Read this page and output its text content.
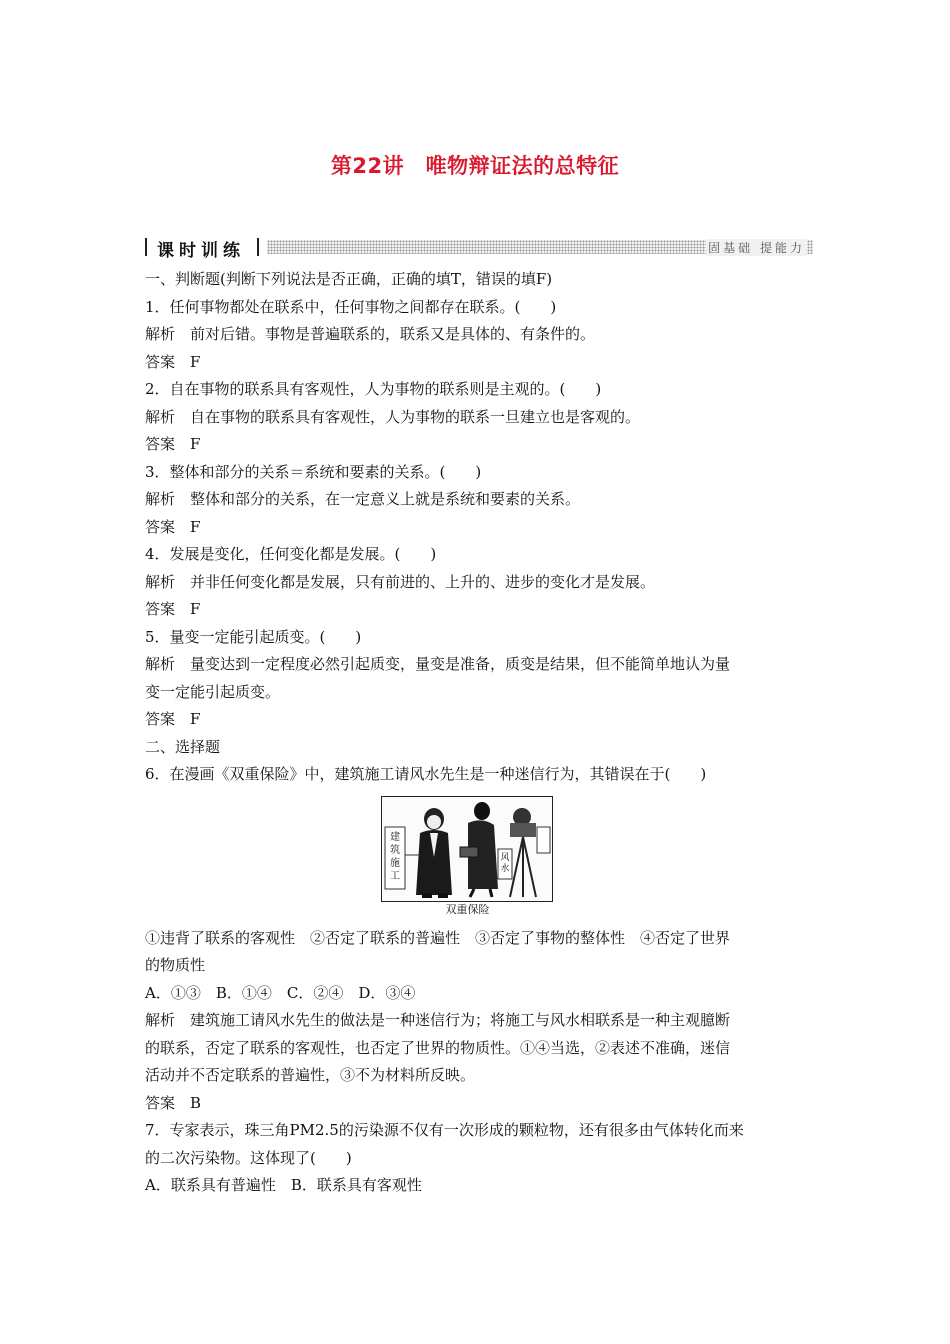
第22讲　唯物辩证法的总特征
课时训练	固基础 提能力

一、判断题(判断下列说法是否正确，正确的填T，错误的填F)

1．任何事物都处在联系中，任何事物之间都存在联系。(　　)

解析　前对后错。事物是普遍联系的，联系又是具体的、有条件的。

答案　F

2．自在事物的联系具有客观性，人为事物的联系则是主观的。(　　)

解析　自在事物的联系具有客观性，人为事物的联系一旦建立也是客观的。

答案　F

3．整体和部分的关系＝系统和要素的关系。(　　)

解析　整体和部分的关系，在一定意义上就是系统和要素的关系。

答案　F

4．发展是变化，任何变化都是发展。(　　)

解析　并非任何变化都是发展，只有前进的、上升的、进步的变化才是发展。

答案　F

5．量变一定能引起质变。(　　)

解析　量变达到一定程度必然引起质变，量变是准备，质变是结果，但不能简单地认为量

变一定能引起质变。

答案　F

二、选择题

6．在漫画《双重保险》中，建筑施工请风水先生是一种迷信行为，其错误在于(　　)

建筑施工
风水
双重保险

①违背了联系的客观性　②否定了联系的普遍性　③否定了事物的整体性　④否定了世界

的物质性

A．①③　B．①④　C．②④　D．③④

解析　建筑施工请风水先生的做法是一种迷信行为；将施工与风水相联系是一种主观臆断

的联系，否定了联系的客观性，也否定了世界的物质性。①④当选，②表述不准确，迷信

活动并不否定联系的普遍性，③不为材料所反映。

答案　B

7．专家表示，珠三角PM2.5的污染源不仅有一次形成的颗粒物，还有很多由气体转化而来

的二次污染物。这体现了(　　)

A．联系具有普遍性　B．联系具有客观性
